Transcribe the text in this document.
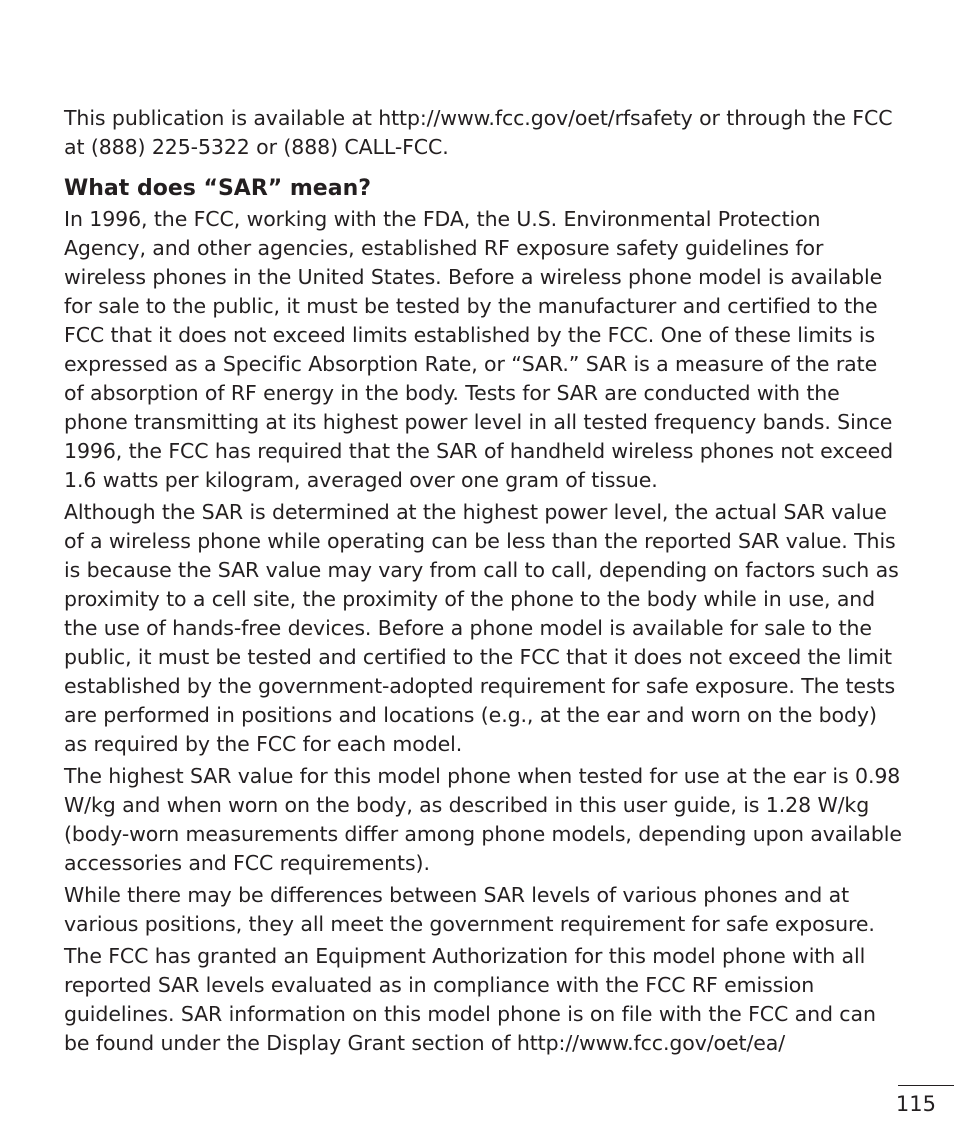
This publication is available at http://www.fcc.gov/oet/rfsafety or through the FCC at (888) 225-5322 or (888) CALL-FCC.

What does “SAR” mean?

In 1996, the FCC, working with the FDA, the U.S. Environmental Protection Agency, and other agencies, established RF exposure safety guidelines for wireless phones in the United States. Before a wireless phone model is available for sale to the public, it must be tested by the manufacturer and certified to the FCC that it does not exceed limits established by the FCC. One of these limits is expressed as a Specific Absorption Rate, or “SAR.” SAR is a measure of the rate of absorption of RF energy in the body. Tests for SAR are conducted with the phone transmitting at its highest power level in all tested frequency bands. Since 1996, the FCC has required that the SAR of handheld wireless phones not exceed 1.6 watts per kilogram, averaged over one gram of tissue.

Although the SAR is determined at the highest power level, the actual SAR value of a wireless phone while operating can be less than the reported SAR value. This is because the SAR value may vary from call to call, depending on factors such as proximity to a cell site, the proximity of the phone to the body while in use, and the use of hands-free devices. Before a phone model is available for sale to the public, it must be tested and certified to the FCC that it does not exceed the limit established by the government-adopted requirement for safe exposure. The tests are performed in positions and locations (e.g., at the ear and worn on the body) as required by the FCC for each model.

The highest SAR value for this model phone when tested for use at the ear is 0.98 W/kg and when worn on the body, as described in this user guide, is 1.28 W/kg (body-worn measurements differ among phone models, depending upon available accessories and FCC requirements).

While there may be differences between SAR levels of various phones and at various positions, they all meet the government requirement for safe exposure.

The FCC has granted an Equipment Authorization for this model phone with all reported SAR levels evaluated as in compliance with the FCC RF emission guidelines. SAR information on this model phone is on file with the FCC and can be found under the Display Grant section of http://www.fcc.gov/oet/ea/

115
